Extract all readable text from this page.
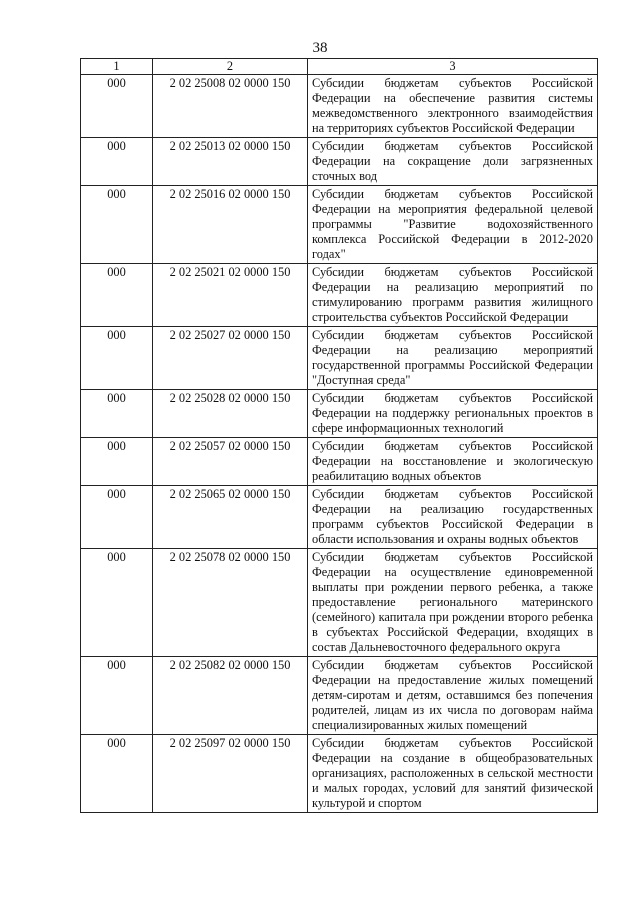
38
1	2	3
000	2 02 25008 02 0000 150	Субсидии бюджетам субъектов Российской Федерации на обеспечение развития системы межведомственного электронного взаимодействия на территориях субъектов Российской Федерации
000	2 02 25013 02 0000 150	Субсидии бюджетам субъектов Российской Федерации на сокращение доли загрязненных сточных вод
000	2 02 25016 02 0000 150	Субсидии бюджетам субъектов Российской Федерации на мероприятия федеральной целевой программы "Развитие водохозяйственного комплекса Российской Федерации в 2012-2020 годах"
000	2 02 25021 02 0000 150	Субсидии бюджетам субъектов Российской Федерации на реализацию мероприятий по стимулированию программ развития жилищного строительства субъектов Российской Федерации
000	2 02 25027 02 0000 150	Субсидии бюджетам субъектов Российской Федерации на реализацию мероприятий государственной программы Российской Федерации "Доступная среда"
000	2 02 25028 02 0000 150	Субсидии бюджетам субъектов Российской Федерации на поддержку региональных проектов в сфере информационных технологий
000	2 02 25057 02 0000 150	Субсидии бюджетам субъектов Российской Федерации на восстановление и экологическую реабилитацию водных объектов
000	2 02 25065 02 0000 150	Субсидии бюджетам субъектов Российской Федерации на реализацию государственных программ субъектов Российской Федерации в области использования и охраны водных объектов
000	2 02 25078 02 0000 150	Субсидии бюджетам субъектов Российской Федерации на осуществление единовременной выплаты при рождении первого ребенка, а также предоставление регионального материнского (семейного) капитала при рождении второго ребенка в субъектах Российской Федерации, входящих в состав Дальневосточного федерального округа
000	2 02 25082 02 0000 150	Субсидии бюджетам субъектов Российской Федерации на предоставление жилых помещений детям-сиротам и детям, оставшимся без попечения родителей, лицам из их числа по договорам найма специализированных жилых помещений
000	2 02 25097 02 0000 150	Субсидии бюджетам субъектов Российской Федерации на создание в общеобразовательных организациях, расположенных в сельской местности и малых городах, условий для занятий физической культурой и спортом
